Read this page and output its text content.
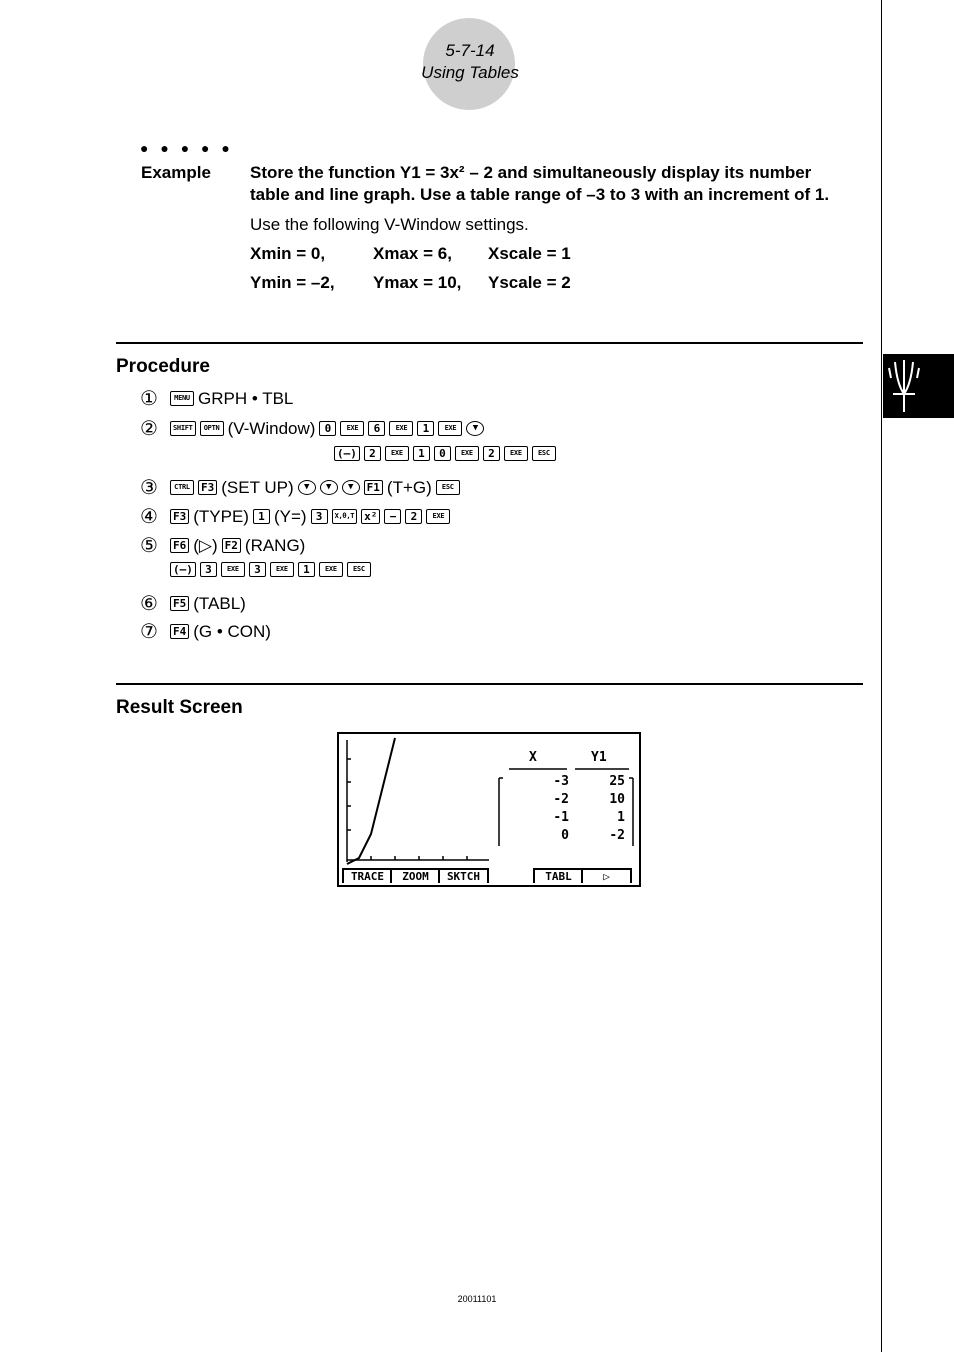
5-7-14
Using Tables
● ● ● ● ●
Example Store the function Y1 = 3x² – 2 and simultaneously display its number
table and line graph. Use a table range of –3 to 3 with an increment of 1.
Use the following V-Window settings.
Xmin = 0,	Xmax = 6, Xscale = 1
Ymin = –2, Ymax = 10, Yscale = 2
Procedure
①	MENU GRPH • TBL
②	SHIFT	OPTN (V-Window) 0	EXE	6	EXE	1	EXE	▼
(–)	2	EXE	1	0	EXE	2	EXE	ESC
③	CTRL	F3 (SET UP)	▼	▼	▼	F1 (T+G)	ESC
④	F3 (TYPE) 1 (Y=) 3	X,θ,T x²	−	2	EXE
⑤	F6 (▷) F2 (RANG)
(–)	3	EXE	3	EXE	1	EXE	ESC
⑥	F5 (TABL)
⑦	F4 (G • CON)
Result Screen
X	Y1
-3	25
-2	10
-1	1
0	-2
TRACE	ZOOM	SKTCH	TABL	▷
20011101
